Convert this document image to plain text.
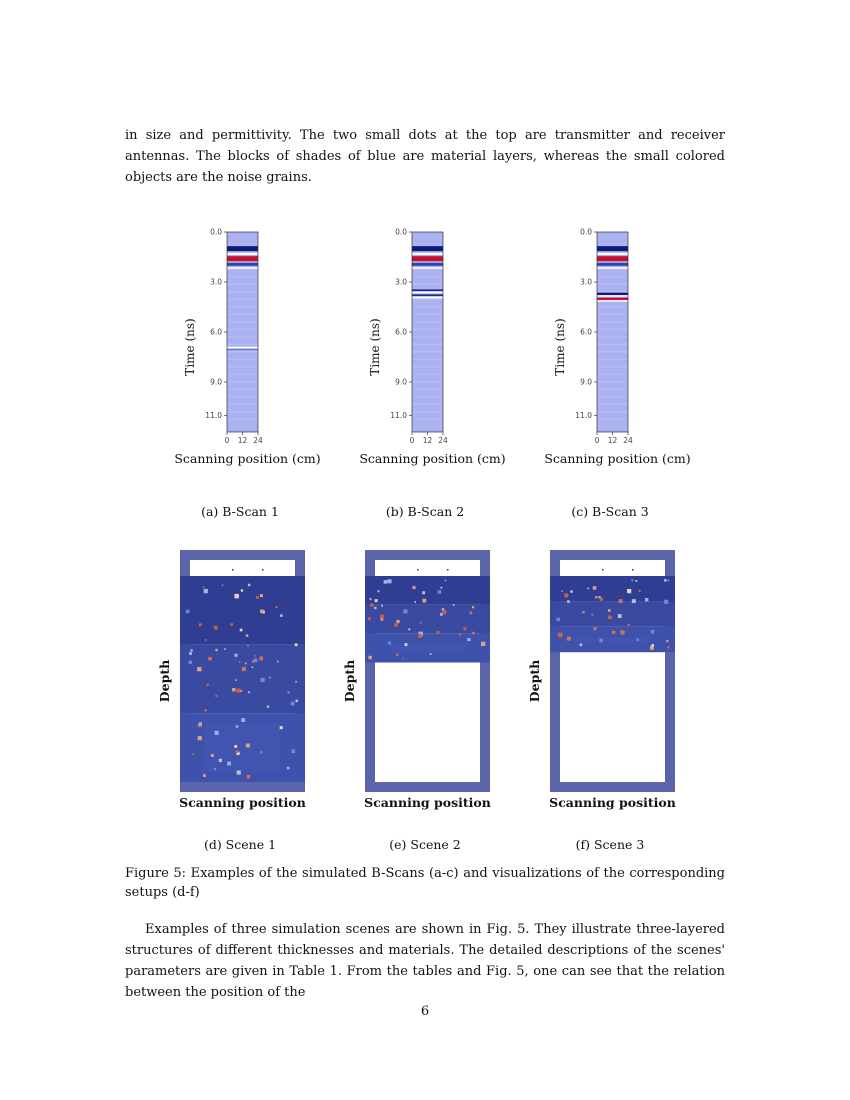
in size and permittivity. The two small dots at the top are transmitter and receiver antennas. The blocks of shades of blue are material layers, whereas the small colored objects are the noise grains.
0.0
3.0
6.0
9.0
11.0
0 12 24
Time (ns)
Scanning position (cm)
0.0
3.0
6.0
9.0
11.0
0 12 24
Time (ns)
Scanning position (cm)
0.0
3.0
6.0
9.0
11.0
0 12 24
Time (ns)
Scanning position (cm)
(a) B-Scan 1	(b) B-Scan 2	(c) B-Scan 3
Depth
Scanning position
Depth
Scanning position
Depth
Scanning position
(d) Scene 1	(e) Scene 2	(f) Scene 3
Figure 5: Examples of the simulated B-Scans (a-c) and visualizations of the corresponding setups (d-f)
Examples of three simulation scenes are shown in Fig. 5. They illustrate three-layered structures of different thicknesses and materials. The detailed descriptions of the scenes' parameters are given in Table 1. From the tables and Fig. 5, one can see that the relation between the position of the
6
